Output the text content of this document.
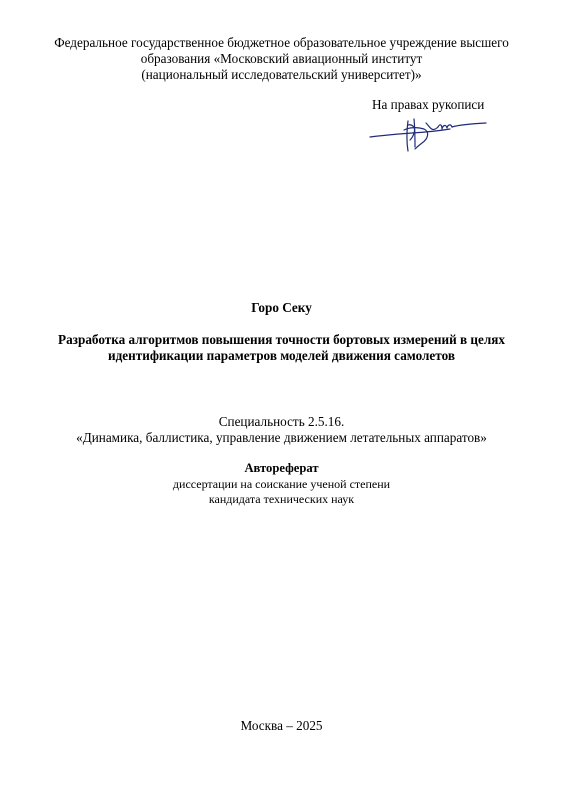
Федеральное государственное бюджетное образовательное учреждение высшего
образования «Московский авиационный институт
(национальный исследовательский университет)»
На правах рукописи
Горо Секу
Разработка алгоритмов повышения точности бортовых измерений в целях
идентификации параметров моделей движения самолетов
Специальность 2.5.16.
«Динамика, баллистика, управление движением летательных аппаратов»
Автореферат
диссертации на соискание ученой степени
кандидата технических наук
Москва – 2025
